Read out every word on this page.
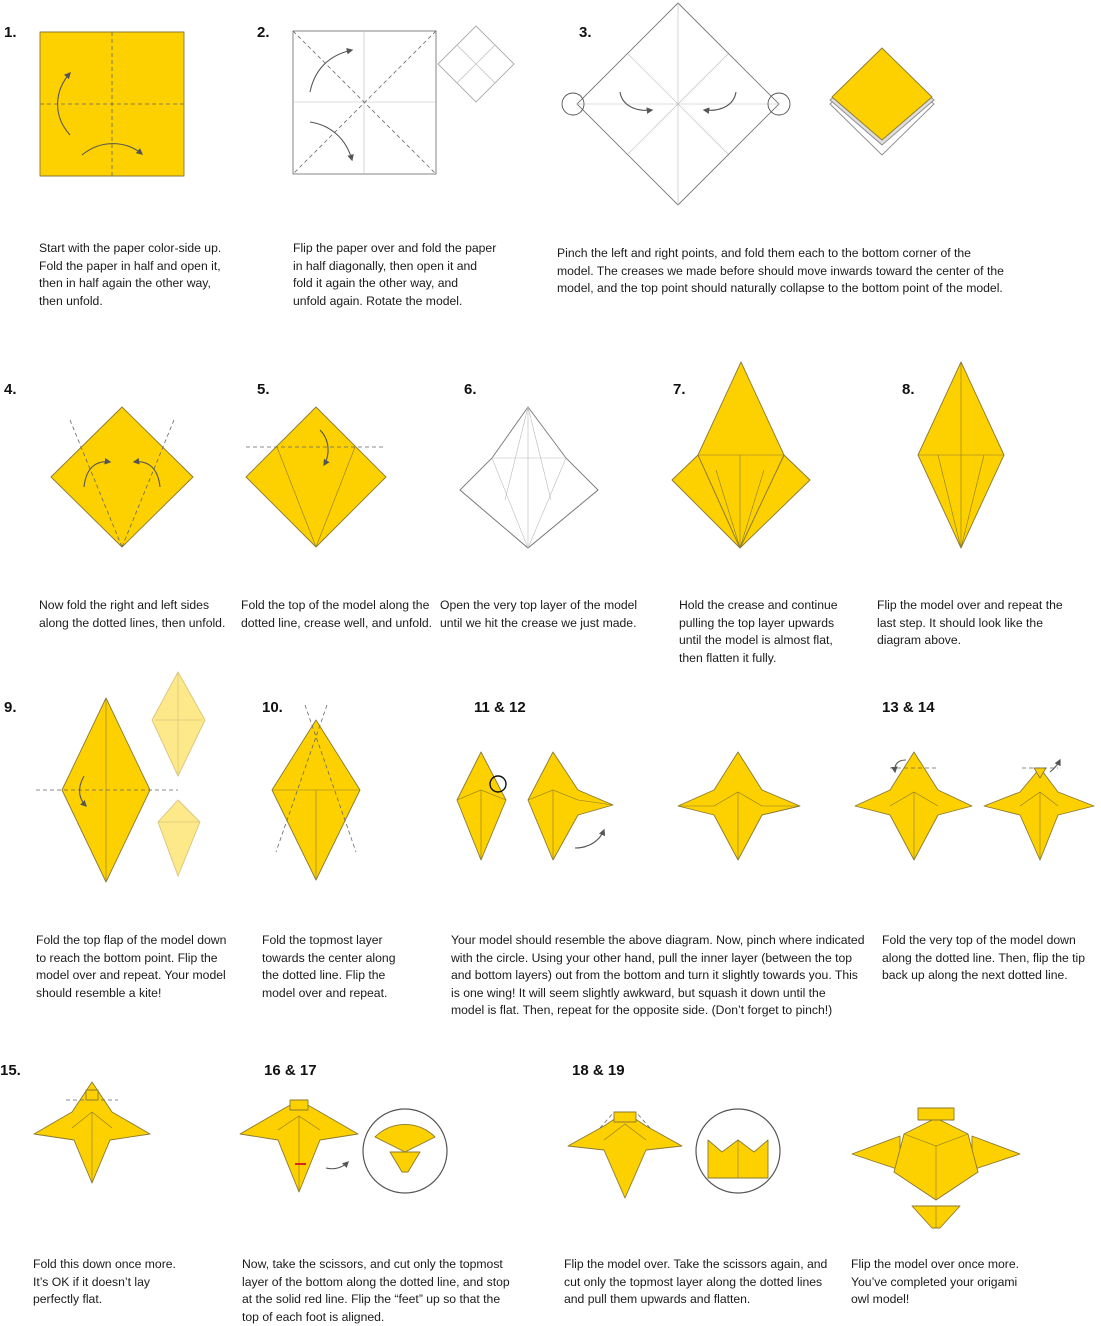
1.	2.	3.
4.	5.	6.	7.	8.
9.	10.	11 & 12	13 & 14
15.	16 & 17	18 & 19
Start with the paper color-side up.
Fold the paper in half and open it,
then in half again the other way,
then unfold.
Flip the paper over and fold the paper
in half diagonally, then open it and
fold it again the other way, and
unfold again. Rotate the model.
Pinch the left and right points, and fold them each to the bottom corner of the
model. The creases we made before should move inwards toward the center of the
model, and the top point should naturally collapse to the bottom point of the model.
Now fold the right and left sides
along the dotted lines, then unfold.
Fold the top of the model along the
dotted line, crease well, and unfold.
Open the very top layer of the model
until we hit the crease we just made.
Hold the crease and continue
pulling the top layer upwards
until the model is almost flat,
then flatten it fully.
Flip the model over and repeat the
last step. It should look like the
diagram above.
Fold the top flap of the model down
to reach the bottom point. Flip the
model over and repeat. Your model
should resemble a kite!
Fold the topmost layer
towards the center along
the dotted line. Flip the
model over and repeat.
Your model should resemble the above diagram. Now, pinch where indicated
with the circle. Using your other hand, pull the inner layer (between the top
and bottom layers) out from the bottom and turn it slightly towards you. This
is one wing! It will seem slightly awkward, but squash it down until the
model is flat. Then, repeat for the opposite side. (Don’t forget to pinch!)
Fold the very top of the model down
along the dotted line. Then, flip the tip
back up along the next dotted line.
Fold this down once more.
It’s OK if it doesn’t lay
perfectly flat.
Now, take the scissors, and cut only the topmost
layer of the bottom along the dotted line, and stop
at the solid red line. Flip the “feet” up so that the
top of each foot is aligned.
Flip the model over. Take the scissors again, and
cut only the topmost layer along the dotted lines
and pull them upwards and flatten.
Flip the model over once more.
You’ve completed your origami
owl model!
